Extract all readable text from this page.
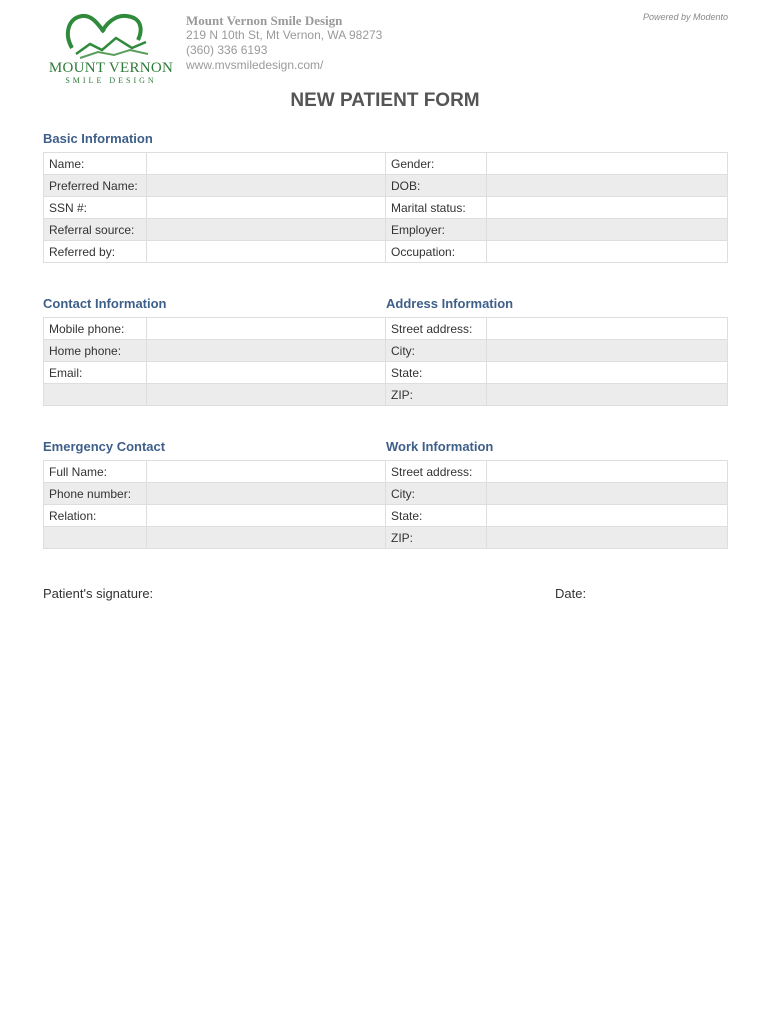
MOUNT VERNON
SMILE DESIGN
Mount Vernon Smile Design
219 N 10th St, Mt Vernon, WA 98273
(360) 336 6193
www.mvsmiledesign.com/
Powered by Modento
NEW PATIENT FORM
Basic Information
Name:		Gender:	
Preferred Name:		DOB:	
SSN #:		Marital status:	
Referral source:		Employer:	
Referred by:		Occupation:	
Contact Information	Address Information
Mobile phone:		Street address:	
Home phone:		City:	
Email:		State:	
		ZIP:	
Emergency Contact	Work Information
Full Name:		Street address:	
Phone number:		City:	
Relation:		State:	
		ZIP:	
Patient's signature:	Date:
